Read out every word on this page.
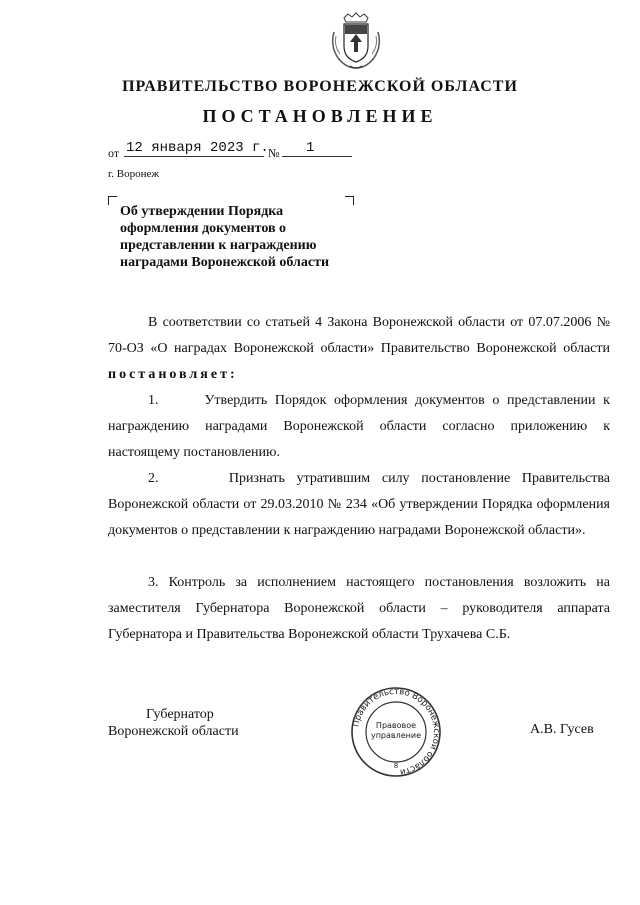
ПРАВИТЕЛЬСТВО ВОРОНЕЖСКОЙ ОБЛАСТИ
ПОСТАНОВЛЕНИЕ
от 12 января 2023 г. № 1
г. Воронеж
Об утверждении Порядка
оформления документов о
представлении к награждению
наградами Воронежской области
В соответствии со статьей 4 Закона Воронежской области от 07.07.2006 № 70-ОЗ «О наградах Воронежской области» Правительство Воронежской области постановляет:
1.      Утвердить Порядок оформления документов о представлении к награждению наградами Воронежской области согласно приложению к настоящему постановлению.
2.      Признать утратившим силу постановление Правительства Воронежской области от 29.03.2010 № 234 «Об утверждении Порядка оформления документов о представлении к награждению наградами Воронежской области».
3. Контроль за исполнением настоящего постановления возложить на заместителя Губернатора Воронежской области – руководителя аппарата Губернатора и Правительства Воронежской области Трухачева С.Б.
Губернатор
Воронежской области
Правительство Воронежской области
Правовое
управление
8
А.В. Гусев
